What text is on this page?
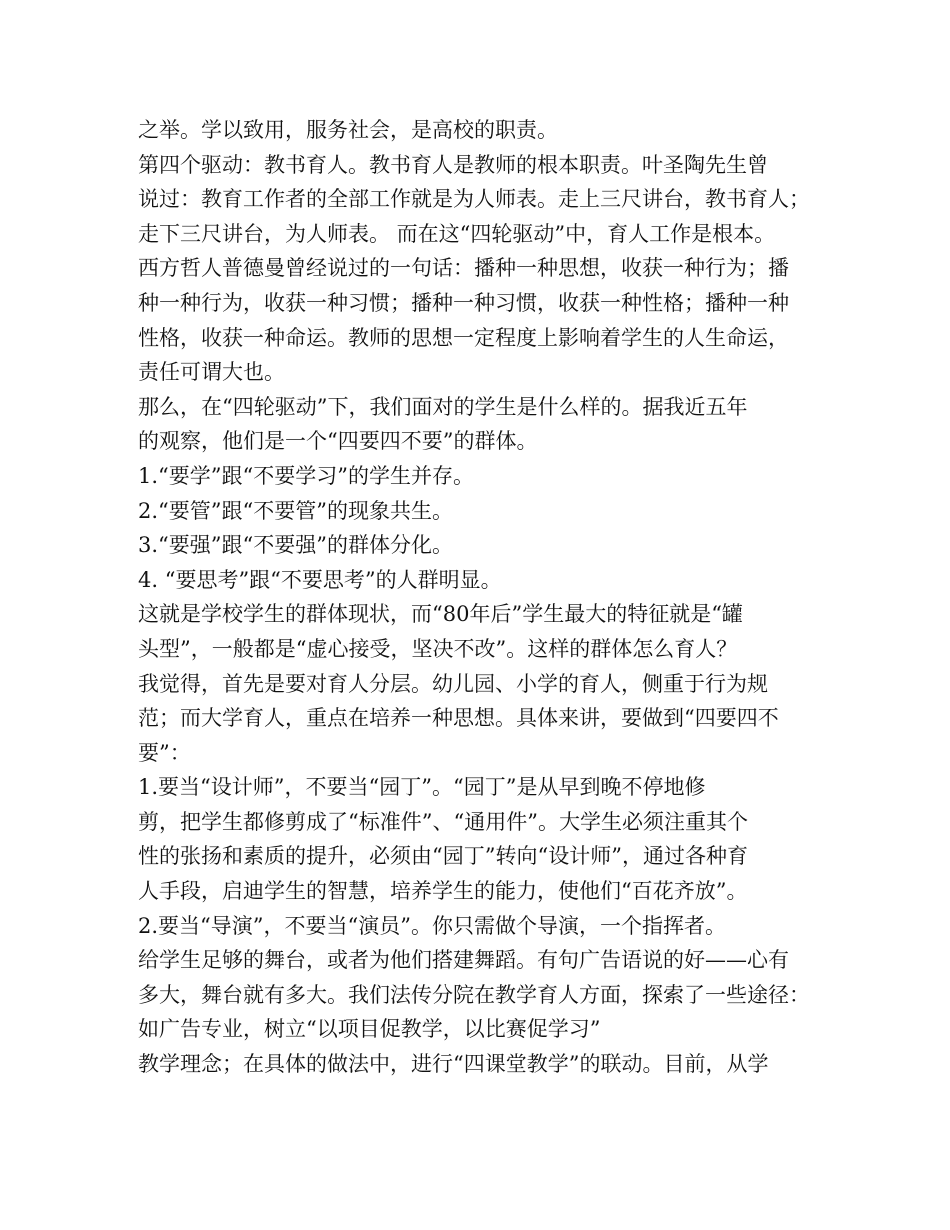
之举。学以致用，服务社会，是高校的职责。

第四个驱动：教书育人。教书育人是教师的根本职责。叶圣陶先生曾

说过：教育工作者的全部工作就是为人师表。走上三尺讲台，教书育人；

走下三尺讲台，为人师表。 而在这“四轮驱动”中，育人工作是根本。

西方哲人普德曼曾经说过的一句话：播种一种思想，收获一种行为；播

种一种行为，收获一种习惯；播种一种习惯，收获一种性格；播种一种

性格，收获一种命运。教师的思想一定程度上影响着学生的人生命运，

责任可谓大也。

那么，在“四轮驱动”下，我们面对的学生是什么样的。据我近五年

的观察，他们是一个“四要四不要”的群体。

1.“要学”跟“不要学习”的学生并存。

2.“要管”跟“不要管”的现象共生。

3.“要强”跟“不要强”的群体分化。

4. “要思考”跟“不要思考”的人群明显。

这就是学校学生的群体现状，而“80年后”学生最大的特征就是“罐

头型”，一般都是“虚心接受，坚决不改”。这样的群体怎么育人？

我觉得，首先是要对育人分层。幼儿园、小学的育人，侧重于行为规

范；而大学育人，重点在培养一种思想。具体来讲，要做到“四要四不

要”：

1.要当“设计师”，不要当“园丁”。“园丁”是从早到晚不停地修

剪，把学生都修剪成了“标准件”、“通用件”。大学生必须注重其个

性的张扬和素质的提升，必须由“园丁”转向“设计师”，通过各种育

人手段，启迪学生的智慧，培养学生的能力，使他们“百花齐放”。

2.要当“导演”，不要当“演员”。你只需做个导演，一个指挥者。

给学生足够的舞台，或者为他们搭建舞蹈。有句广告语说的好——心有

多大，舞台就有多大。我们法传分院在教学育人方面，探索了一些途径：

如广告专业，树立“以项目促教学，以比赛促学习”

教学理念；在具体的做法中，进行“四课堂教学”的联动。目前，从学
